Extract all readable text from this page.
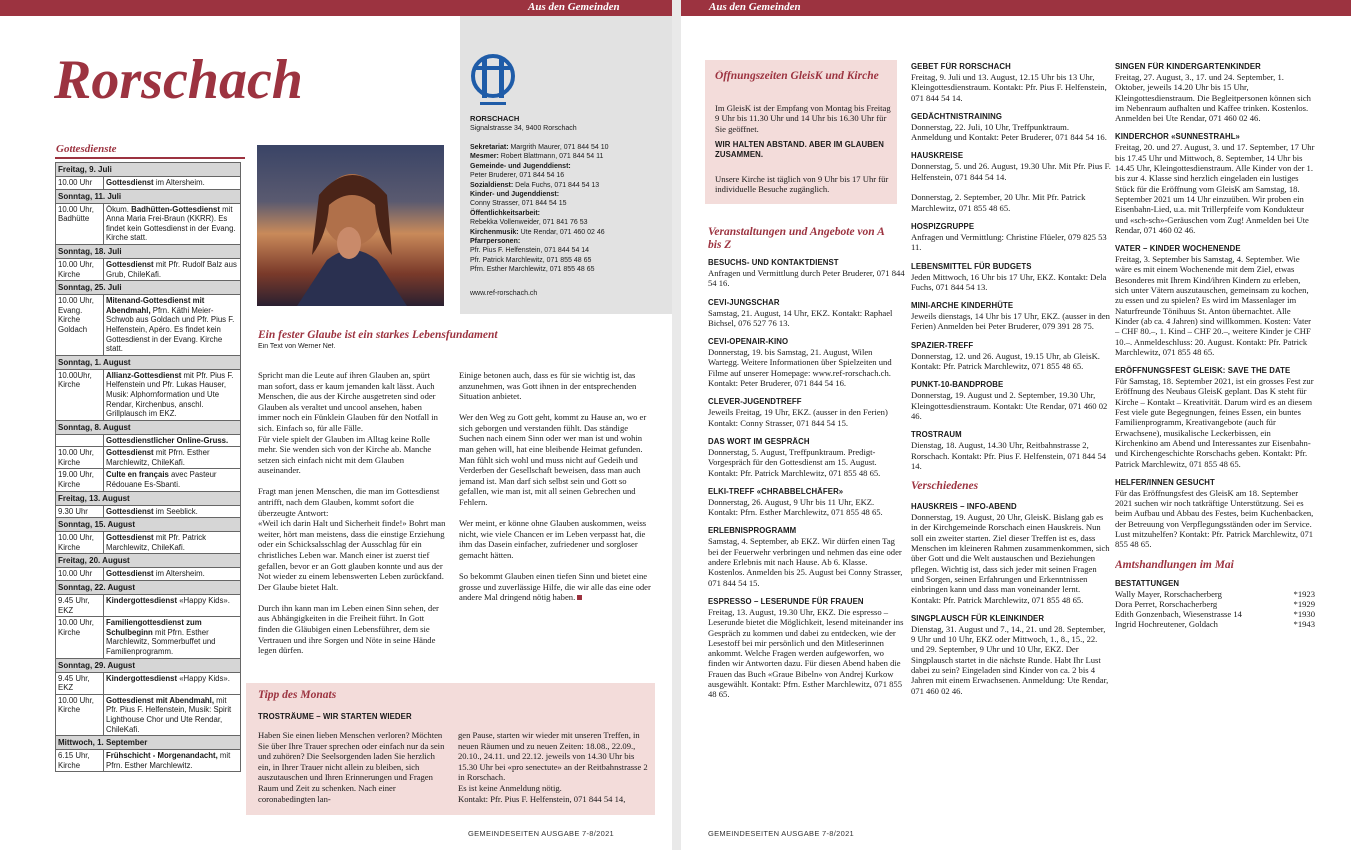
Aus den Gemeinden
Rorschach
Gottesdienste
Freitag, 9. Juli	
10.00 Uhr	Gottesdienst im Altersheim.
Sonntag, 11. Juli	
10.00 Uhr, Badhütte	Ökum. Badhütten-Gottesdienst mit Anna Maria Frei-Braun (KKRR). Es findet kein Gottesdienst in der Evang. Kirche statt.
Sonntag, 18. Juli	
10.00 Uhr, Kirche	Gottesdienst mit Pfr. Rudolf Balz aus Grub, ChileKafi.
Sonntag, 25. Juli	
10.00 Uhr, Evang. Kirche Goldach	Mitenand-Gottesdienst mit Abendmahl, Pfrn. Käthi Meier-Schwob aus Goldach und Pfr. Pius F. Helfenstein, Apéro. Es findet kein Gottesdienst in der Evang. Kirche statt.
Sonntag, 1. August	
10.00Uhr, Kirche	Allianz-Gottesdienst mit Pfr. Pius F. Helfenstein und Pfr. Lukas Hauser, Musik: Alphornformation und Ute Rendar, Kirchenbus, anschl. Grillplausch im EKZ.
Sonntag, 8. August	
	Gottesdienstlicher Online-Gruss.
10.00 Uhr, Kirche	Gottesdienst mit Pfrn. Esther Marchlewitz, ChileKafi.
19.00 Uhr, Kirche	Culte en français avec Pasteur Rédouane Es-Sbanti.
Freitag, 13. August	
9.30 Uhr	Gottesdienst im Seeblick.
Sonntag, 15. August	
10.00 Uhr, Kirche	Gottesdienst mit Pfr. Patrick Marchlewitz, ChileKafi.
Freitag, 20. August	
10.00 Uhr	Gottesdienst im Altersheim.
Sonntag, 22. August	
9.45 Uhr, EKZ	Kindergottesdienst «Happy Kids».
10.00 Uhr, Kirche	Familiengottesdienst zum Schulbeginn mit Pfrn. Esther Marchlewitz, Sommerbuffet und Familienprogramm.
Sonntag, 29. August	
9.45 Uhr, EKZ	Kindergottesdienst «Happy Kids».
10.00 Uhr, Kirche	Gottesdienst mit Abendmahl, mit Pfr. Pius F. Helfenstein, Musik: Spirit Lighthouse Chor und Ute Rendar, ChileKafi.
Mittwoch, 1. September	
6.15 Uhr, Kirche	Frühschicht - Morgenandacht, mit Pfrn. Esther Marchlewitz.
RORSCHACH
Signalstrasse 34, 9400 Rorschach
Sekretariat: Margrith Maurer, 071 844 54 10
Mesmer: Robert Blattmann, 071 844 54 11
Gemeinde- und Jugenddienst:
Peter Bruderer, 071 844 54 16
Sozialdienst: Dela Fuchs, 071 844 54 13
Kinder- und Jugenddienst:
Conny Strasser, 071 844 54 15
Öffentlichkeitsarbeit:
Rebekka Vollenweider, 071 841 76 53
Kirchenmusik: Ute Rendar, 071 460 02 46
Pfarrpersonen:
Pfr. Pius F. Helfenstein, 071 844 54 14
Pfr. Patrick Marchlewitz, 071 855 48 65
Pfrn. Esther Marchlewitz, 071 855 48 65
www.ref-rorschach.ch
Ein fester Glaube ist ein starkes Lebensfundament
Ein Text von Werner Nef.

Spricht man die Leute auf ihren Glauben an, spürt man sofort, dass er kaum jemanden kalt lässt. Auch Menschen, die aus der Kirche ausgetreten sind oder Glauben als veraltet und uncool ansehen, haben immer noch ein Fünklein Glauben für den Notfall in sich. Einfach so, für alle Fälle.
Für viele spielt der Glauben im Alltag keine Rolle mehr. Sie wenden sich von der Kirche ab. Manche setzen sich einfach nicht mit dem Glauben auseinander.

Fragt man jenen Menschen, die man im Gottesdienst antrifft, nach dem Glauben, kommt sofort die überzeugte Antwort:
«Weil ich darin Halt und Sicherheit finde!» Bohrt man weiter, hört man meistens, dass die einstige Erziehung oder ein Schicksalsschlag der Ausschlag für ein christliches Leben war. Manch einer ist zuerst tief gefallen, bevor er an Gott glauben konnte und aus der Not wieder zu einem lebenswerten Leben zurückfand. Der Glaube bietet Halt.

Durch ihn kann man im Leben einen Sinn sehen, der aus Abhängigkeiten in die Freiheit führt. In Gott finden die Gläubigen einen Lebensführer, dem sie Vertrauen und ihre Sorgen und Nöte in seine Hände legen dürfen.

Einige betonen auch, dass es für sie wichtig ist, das anzunehmen, was Gott ihnen in der entsprechenden Situation anbietet.

Wer den Weg zu Gott geht, kommt zu Hause an, wo er sich geborgen und verstanden fühlt. Das ständige Suchen nach einem Sinn oder wer man ist und wohin man gehen will, hat eine bleibende Heimat gefunden. Man fühlt sich wohl und muss nicht auf Gedeih und Verderben der Gesellschaft beweisen, dass man auch jemand ist. Man darf sich selbst sein und Gott so gefallen, wie man ist, mit all seinen Gebrechen und Fehlern.

Wer meint, er könne ohne Glauben auskommen, weiss nicht, wie viele Chancen er im Leben verpasst hat, die ihm das Dasein einfacher, zufriedener und sorgloser gemacht hätten.

So bekommt Glauben einen tiefen Sinn und bietet eine grosse und zuverlässige Hilfe, die wir alle das eine oder andere Mal dringend nötig haben.

Tipp des Monats
TROSTRÄUME – WIR STARTEN WIEDER
Haben Sie einen lieben Menschen verloren? Möchten Sie über Ihre Trauer sprechen oder einfach nur da sein und zuhören? Die Seelsorgenden laden Sie herzlich ein, in Ihrer Trauer nicht allein zu bleiben, sich auszutauschen und Ihren Erinnerungen und Fragen Raum und Zeit zu schenken. Nach einer coronabedingten lan-
gen Pause, starten wir wieder mit unseren Treffen, in neuen Räumen und zu neuen Zeiten: 18.08., 22.09., 20.10., 24.11. und 22.12. jeweils von 14.30 Uhr bis 15.30 Uhr bei «pro senectute» an der Reitbahnstrasse 2 in Rorschach.
Es ist keine Anmeldung nötig.
Kontakt: Pfr. Pius F. Helfenstein, 071 844 54 14,
GEMEINDESEITEN AUSGABE 7-8/2021
Aus den Gemeinden
Öffnungszeiten GleisK und Kirche
Im GleisK ist der Empfang von Montag bis Freitag 9 Uhr bis 11.30 Uhr und 14 Uhr bis 16.30 Uhr für Sie geöffnet.
WIR HALTEN ABSTAND. ABER IM GLAUBEN ZUSAMMEN.
Unsere Kirche ist täglich von 9 Uhr bis 17 Uhr für individuelle Besuche zugänglich.
Veranstaltungen und Angebote von A bis Z
BESUCHS- UND KONTAKTDIENST
Anfragen und Vermittlung durch Peter Bruderer, 071 844 54 16.
CEVI-JUNGSCHAR
Samstag, 21. August, 14 Uhr, EKZ. Kontakt: Raphael Bichsel, 076 527 76 13.
CEVI-OPENAIR-KINO
Donnerstag, 19. bis Samstag, 21. August, Wilen Wartegg. Weitere Informationen über Spielzeiten und Filme auf unserer Homepage: www.ref-rorschach.ch. Kontakt: Peter Bruderer, 071 844 54 16.
CLEVER-JUGENDTREFF
Jeweils Freitag, 19 Uhr, EKZ. (ausser in den Ferien) Kontakt: Conny Strasser, 071 844 54 15.
DAS WORT IM GESPRÄCH
Donnerstag, 5. August, Treffpunktraum. Predigt-Vorgespräch für den Gottesdienst am 15. August. Kontakt: Pfr. Patrick Marchlewitz, 071 855 48 65.
ELKI-TREFF «CHRABBELCHÄFER»
Donnerstag, 26. August, 9 Uhr bis 11 Uhr, EKZ. Kontakt: Pfrn. Esther Marchlewitz, 071 855 48 65.
ERLEBNISPROGRAMM
Samstag, 4. September, ab EKZ. Wir dürfen einen Tag bei der Feuerwehr verbringen und nehmen das eine oder andere Erlebnis mit nach Hause. Ab 6. Klasse. Kostenlos. Anmelden bis 25. August bei Conny Strasser, 071 844 54 15.
ESPRESSO – LESERUNDE FÜR FRAUEN
Freitag, 13. August, 19.30 Uhr, EKZ. Die espresso – Leserunde bietet die Möglichkeit, lesend miteinander ins Gespräch zu kommen und dabei zu entdecken, wie der Lesestoff bei mir persönlich und den Mitleserinnen ankommt. Welche Fragen werden aufgeworfen, wo finden wir Antworten dazu. Für diesen Abend haben die Frauen das Buch «Graue Bibeln» von Andrej Kurkow ausgewählt. Kontakt: Pfrn. Esther Marchlewitz, 071 855 48 65.
GEBET FÜR RORSCHACH
Freitag, 9. Juli und 13. August, 12.15 Uhr bis 13 Uhr, Kleingottesdienstraum. Kontakt: Pfr. Pius F. Helfenstein, 071 844 54 14.
GEDÄCHTNISTRAINING
Donnerstag, 22. Juli, 10 Uhr, Treffpunktraum. Anmeldung und Kontakt: Peter Bruderer, 071 844 54 16.
HAUSKREISE
Donnerstag, 5. und 26. August, 19.30 Uhr. Mit Pfr. Pius F. Helfenstein, 071 844 54 14.

Donnerstag, 2. September, 20 Uhr. Mit Pfr. Patrick Marchlewitz, 071 855 48 65.
HOSPIZGRUPPE
Anfragen und Vermittlung: Christine Flüeler, 079 825 53 11.
LEBENSMITTEL FÜR BUDGETS
Jeden Mittwoch, 16 Uhr bis 17 Uhr, EKZ. Kontakt: Dela Fuchs, 071 844 54 13.
MINI-ARCHE KINDERHÜTE
Jeweils dienstags, 14 Uhr bis 17 Uhr, EKZ. (ausser in den Ferien) Anmelden bei Peter Bruderer, 079 391 28 75.
SPAZIER-TREFF
Donnerstag, 12. und 26. August, 19.15 Uhr, ab GleisK. Kontakt: Pfr. Patrick Marchlewitz, 071 855 48 65.
PUNKT-10-BANDPROBE
Donnerstag, 19. August und 2. September, 19.30 Uhr, Kleingottesdienstraum. Kontakt: Ute Rendar, 071 460 02 46.
TROSTRAUM
Dienstag, 18. August, 14.30 Uhr, Reitbahnstrasse 2, Rorschach. Kontakt: Pfr. Pius F. Helfenstein, 071 844 54 14.
Verschiedenes
HAUSKREIS – INFO-ABEND
Donnerstag, 19. August, 20 Uhr, GleisK. Bislang gab es in der Kirchgemeinde Rorschach einen Hauskreis. Nun soll ein zweiter starten. Ziel dieser Treffen ist es, dass Menschen im kleineren Rahmen zusammenkommen, sich über Gott und die Welt austauschen und Beziehungen pflegen. Wichtig ist, dass sich jeder mit seinen Fragen und Sorgen, seinen Erfahrungen und Erkenntnissen einbringen kann und dass man voneinander lernt. Kontakt: Pfr. Patrick Marchlewitz, 071 855 48 65.
SINGPLAUSCH FÜR KLEINKINDER
Dienstag, 31. August und 7., 14., 21. und 28. September, 9 Uhr und 10 Uhr, EKZ oder Mittwoch, 1., 8., 15., 22. und 29. September, 9 Uhr und 10 Uhr, EKZ. Der Singplausch startet in die nächste Runde. Habt Ihr Lust dabei zu sein? Eingeladen sind Kinder von ca. 2 bis 4 Jahren mit einem Erwachsenen. Anmeldung: Ute Rendar, 071 460 02 46.
SINGEN FÜR KINDERGARTENKINDER
Freitag, 27. August, 3., 17. und 24. September, 1. Oktober, jeweils 14.20 Uhr bis 15 Uhr, Kleingottesdienstraum. Die Begleitpersonen können sich im Nebenraum aufhalten und Kaffee trinken. Kostenlos. Anmelden bei Ute Rendar, 071 460 02 46.
KINDERCHOR «SUNNESTRAHL»
Freitag, 20. und 27. August, 3. und 17. September, 17 Uhr bis 17.45 Uhr und Mittwoch, 8. September, 14 Uhr bis 14.45 Uhr, Kleingottesdienstraum. Alle Kinder von der 1. bis zur 4. Klasse sind herzlich eingeladen ein lustiges Stück für die Eröffnung vom GleisK am Samstag, 18. September 2021 um 14 Uhr einzuüben. Wir proben ein Eisenbahn-Lied, u.a. mit Trillerpfeife vom Kondukteur und «sch-sch»-Geräuschen vom Zug! Anmelden bei Ute Rendar, 071 460 02 46.
VATER – KINDER WOCHENENDE
Freitag, 3. September bis Samstag, 4. September. Wie wäre es mit einem Wochenende mit dem Ziel, etwas Besonderes mit Ihrem Kind/ihren Kindern zu erleben, sich unter Vätern auszutauschen, gemeinsam zu kochen, zu essen und zu spielen? Es wird im Massenlager im Naturfreunde Tönihuus St. Anton übernachtet. Alle Kinder (ab ca. 4 Jahren) sind willkommen. Kosten: Vater – CHF 80.–, 1. Kind – CHF 20.–, weitere Kinder je CHF 10.–. Anmeldeschluss: 20. August. Kontakt: Pfr. Patrick Marchlewitz, 071 855 48 65.
ERÖFFNUNGSFEST GLEISK: SAVE THE DATE
Für Samstag, 18. September 2021, ist ein grosses Fest zur Eröffnung des Neubaus GleisK geplant. Das K steht für Kirche – Kontakt – Kreativität. Darum wird es an diesem Fest viele gute Begegnungen, feines Essen, ein buntes Familienprogramm, Kreativangebote (auch für Erwachsene), musikalische Leckerbissen, ein Kirchenkino am Abend und Interessantes zur Eisenbahn- und Kirchengeschichte Rorschachs geben. Kontakt: Pfr. Patrick Marchlewitz, 071 855 48 65.
HELFER/INNEN GESUCHT
Für das Eröffnungsfest des GleisK am 18. September 2021 suchen wir noch tatkräftige Unterstützung. Sei es beim Aufbau und Abbau des Festes, beim Kuchenbacken, der Betreuung von Verpflegungsständen oder im Service. Lust mitzuhelfen? Kontakt: Pfr. Patrick Marchlewitz, 071 855 48 65.
Amtshandlungen im Mai
BESTATTUNGEN
Wally Mayer, Rorschacherberg	*1923
Dora Perret, Rorschacherberg	*1929
Edith Gonzenbach, Wiesenstrasse 14	*1930
Ingrid Hochreutener, Goldach	*1943
GEMEINDESEITEN AUSGABE 7-8/2021
